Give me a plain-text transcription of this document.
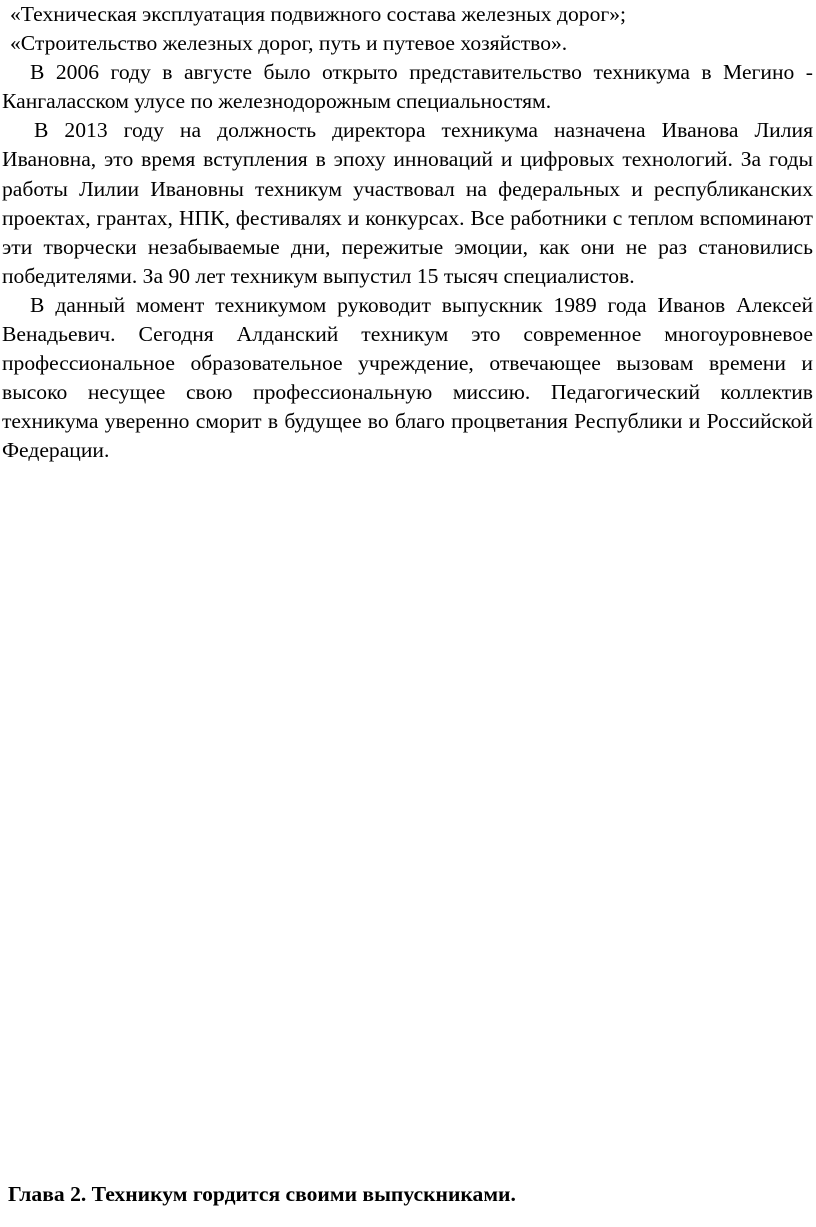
«Техническая эксплуатация подвижного состава железных дорог»;

«Строительство железных дорог, путь и путевое хозяйство».

В 2006 году в августе было открыто представительство техникума в Мегино - Кангаласском улусе по железнодорожным специальностям.

В 2013 году на должность директора техникума назначена Иванова Лилия Ивановна, это время вступления в эпоху инноваций и цифровых технологий. За годы работы Лилии Ивановны техникум участвовал на федеральных и республиканских проектах, грантах, НПК, фестивалях и конкурсах. Все работники с теплом вспоминают эти творчески незабываемые дни, пережитые эмоции, как они не раз становились победителями. За 90 лет техникум выпустил 15 тысяч специалистов.

В данный момент техникумом руководит выпускник 1989 года Иванов Алексей Венадьевич. Сегодня Алданский техникум это современное многоуровневое профессиональное образовательное учреждение, отвечающее вызовам времени и высоко несущее свою профессиональную миссию. Педагогический коллектив техникума уверенно сморит в будущее во благо процветания Республики и Российской Федерации.

Глава 2. Техникум гордится своими выпускниками.
